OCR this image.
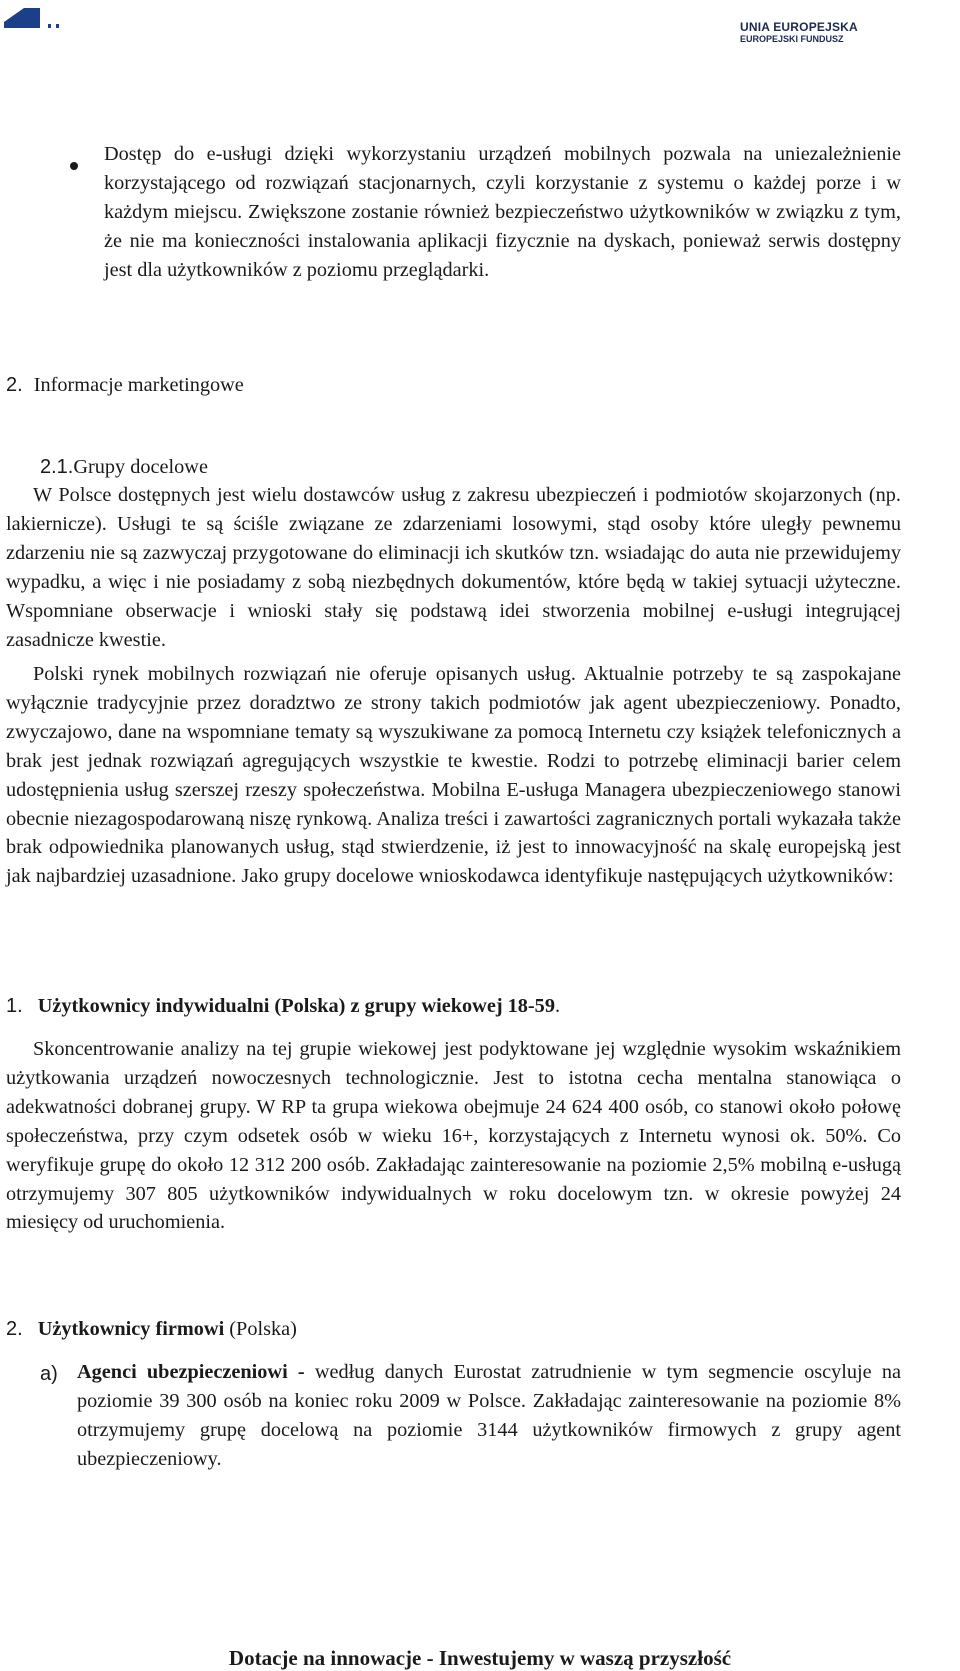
UNIA EUROPEJSKA
EUROPEJSKI FUNDUSZ

Dostęp do e-usługi dzięki wykorzystaniu urządzeń mobilnych pozwala na uniezależnienie korzystającego od rozwiązań stacjonarnych, czyli korzystanie z systemu o każdej porze i w każdym miejscu. Zwiększone zostanie również bezpieczeństwo użytkowników w związku z tym, że nie ma konieczności instalowania aplikacji fizycznie na dyskach, ponieważ serwis dostępny jest dla użytkowników z poziomu przeglądarki.

2. Informacje marketingowe
2.1.Grupy docelowe

W Polsce dostępnych jest wielu dostawców usług z zakresu ubezpieczeń i podmiotów skojarzonych (np. lakiernicze). Usługi te są ściśle związane ze zdarzeniami losowymi, stąd osoby które uległy pewnemu zdarzeniu nie są zazwyczaj przygotowane do eliminacji ich skutków tzn. wsiadając do auta nie przewidujemy wypadku, a więc i nie posiadamy z sobą niezbędnych dokumentów, które będą w takiej sytuacji użyteczne. Wspomniane obserwacje i wnioski stały się podstawą idei stworzenia mobilnej e-usługi integrującej zasadnicze kwestie.

Polski rynek mobilnych rozwiązań nie oferuje opisanych usług. Aktualnie potrzeby te są zaspokajane wyłącznie tradycyjnie przez doradztwo ze strony takich podmiotów jak agent ubezpieczeniowy. Ponadto, zwyczajowo, dane na wspomniane tematy są wyszukiwane za pomocą Internetu czy książek telefonicznych a brak jest jednak rozwiązań agregujących wszystkie te kwestie. Rodzi to potrzebę eliminacji barier celem udostępnienia usług szerszej rzeszy społeczeństwa. Mobilna E-usługa Managera ubezpieczeniowego stanowi obecnie niezagospodarowaną niszę rynkową. Analiza treści i zawartości zagranicznych portali wykazała także brak odpowiednika planowanych usług, stąd stwierdzenie, iż jest to innowacyjność na skalę europejską jest jak najbardziej uzasadnione. Jako grupy docelowe wnioskodawca identyfikuje następujących użytkowników:

1. Użytkownicy indywidualni (Polska) z grupy wiekowej 18-59.

Skoncentrowanie analizy na tej grupie wiekowej jest podyktowane jej względnie wysokim wskaźnikiem użytkowania urządzeń nowoczesnych technologicznie. Jest to istotna cecha mentalna stanowiąca o adekwatności dobranej grupy. W RP ta grupa wiekowa obejmuje 24 624 400 osób, co stanowi około połowę społeczeństwa, przy czym odsetek osób w wieku 16+, korzystających z Internetu wynosi ok. 50%. Co weryfikuje grupę do około 12 312 200 osób. Zakładając zainteresowanie na poziomie 2,5% mobilną e-usługą otrzymujemy 307 805 użytkowników indywidualnych w roku docelowym tzn. w okresie powyżej 24 miesięcy od uruchomienia.

2. Użytkownicy firmowi (Polska)
a) Agenci ubezpieczeniowi - według danych Eurostat zatrudnienie w tym segmencie oscyluje na poziomie 39 300 osób na koniec roku 2009 w Polsce. Zakładając zainteresowanie na poziomie 8% otrzymujemy grupę docelową na poziomie 3144 użytkowników firmowych z grupy agent ubezpieczeniowy.

Dotacje na innowacje - Inwestujemy w waszą przyszłość
